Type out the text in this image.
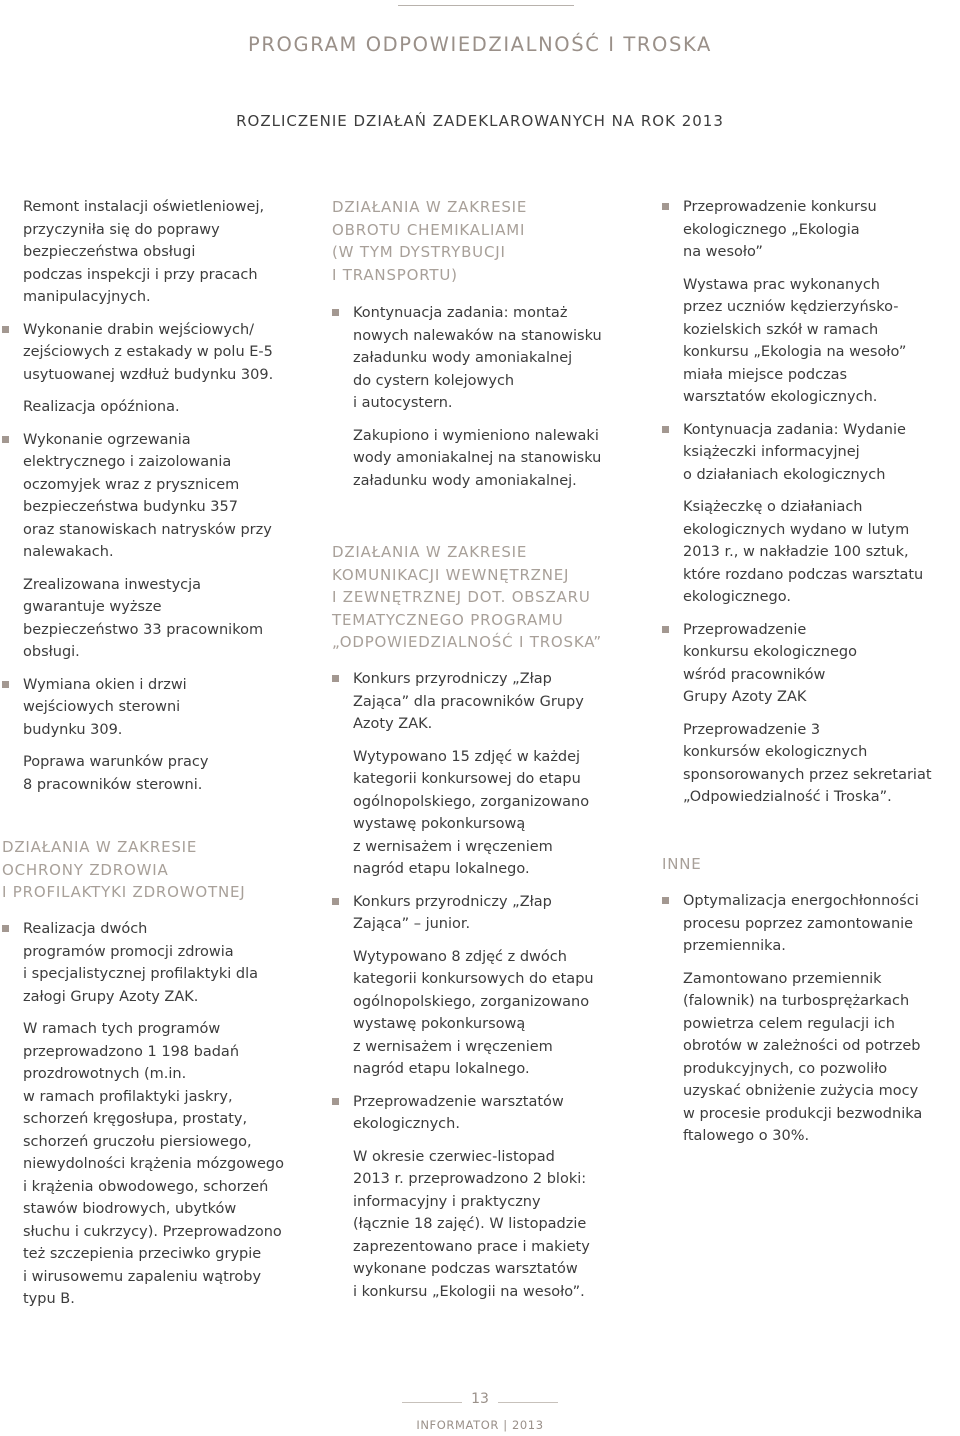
PROGRAM ODPOWIEDZIALNOŚĆ I TROSKA
ROZLICZENIE DZIAŁAŃ ZADEKLAROWANYCH NA ROK 2013

Remont instalacji oświetleniowej,
przyczyniła się do poprawy
bezpieczeństwa obsługi
podczas inspekcji i przy pracach
manipulacyjnych.

Wykonanie drabin wejściowych/
zejściowych z estakady w polu E-5
usytuowanej wzdłuż budynku 309.

Realizacja opóźniona.

Wykonanie ogrzewania
elektrycznego i zaizolowania
oczomyjek wraz z prysznicem
bezpieczeństwa budynku 357
oraz stanowiskach natrysków przy
nalewakach.

Zrealizowana inwestycja
gwarantuje wyższe
bezpieczeństwo 33 pracownikom
obsługi.

Wymiana okien i drzwi
wejściowych sterowni
budynku 309.

Poprawa warunków pracy
8 pracowników sterowni.

DZIAŁANIA W ZAKRESIE
OCHRONY ZDROWIA
I PROFILAKTYKI ZDROWOTNEJ
Realizacja dwóch
programów promocji zdrowia
i specjalistycznej profilaktyki dla
załogi Grupy Azoty ZAK.

W ramach tych programów
przeprowadzono 1 198 badań
prozdrowotnych (m.in.
w ramach profilaktyki jaskry,
schorzeń kręgosłupa, prostaty,
schorzeń gruczołu piersiowego,
niewydolności krążenia mózgowego
i krążenia obwodowego, schorzeń
stawów biodrowych, ubytków
słuchu i cukrzycy). Przeprowadzono
też szczepienia przeciwko grypie
i wirusowemu zapaleniu wątroby
typu B.

DZIAŁANIA W ZAKRESIE
OBROTU CHEMIKALIAMI
(W TYM DYSTRYBUCJI
I TRANSPORTU)
Kontynuacja zadania: montaż
nowych nalewaków na stanowisku
załadunku wody amoniakalnej
do cystern kolejowych
i autocystern.

Zakupiono i wymieniono nalewaki
wody amoniakalnej na stanowisku
załadunku wody amoniakalnej.

DZIAŁANIA W ZAKRESIE
KOMUNIKACJI WEWNĘTRZNEJ
I ZEWNĘTRZNEJ DOT. OBSZARU
TEMATYCZNEGO PROGRAMU
„ODPOWIEDZIALNOŚĆ I TROSKA”
Konkurs przyrodniczy „Złap
Zająca” dla pracowników Grupy
Azoty ZAK.

Wytypowano 15 zdjęć w każdej
kategorii konkursowej do etapu
ogólnopolskiego, zorganizowano
wystawę pokonkursową
z wernisażem i wręczeniem
nagród etapu lokalnego.

Konkurs przyrodniczy „Złap
Zająca” – junior.

Wytypowano 8 zdjęć z dwóch
kategorii konkursowych do etapu
ogólnopolskiego, zorganizowano
wystawę pokonkursową
z wernisażem i wręczeniem
nagród etapu lokalnego.

Przeprowadzenie warsztatów
ekologicznych.

W okresie czerwiec-listopad
2013 r. przeprowadzono 2 bloki:
informacyjny i praktyczny
(łącznie 18 zajęć). W listopadzie
zaprezentowano prace i makiety
wykonane podczas warsztatów
i konkursu „Ekologii na wesoło”.

Przeprowadzenie konkursu
ekologicznego „Ekologia
na wesoło”

Wystawa prac wykonanych
przez uczniów kędzierzyńsko-
kozielskich szkół w ramach
konkursu „Ekologia na wesoło”
miała miejsce podczas
warsztatów ekologicznych.

Kontynuacja zadania: Wydanie
książeczki informacyjnej
o działaniach ekologicznych

Książeczkę o działaniach
ekologicznych wydano w lutym
2013 r., w nakładzie 100 sztuk,
które rozdano podczas warsztatu
ekologicznego.

Przeprowadzenie
konkursu ekologicznego
wśród pracowników
Grupy Azoty ZAK

Przeprowadzenie 3
konkursów ekologicznych
sponsorowanych przez sekretariat
„Odpowiedzialność i Troska”.

INNE
Optymalizacja energochłonności
procesu poprzez zamontowanie
przemiennika.

Zamontowano przemiennik
(falownik) na turbosprężarkach
powietrza celem regulacji ich
obrotów w zależności od potrzeb
produkcyjnych, co pozwoliło
uzyskać obniżenie zużycia mocy
w procesie produkcji bezwodnika
ftalowego o 30%.

13
INFORMATOR | 2013
